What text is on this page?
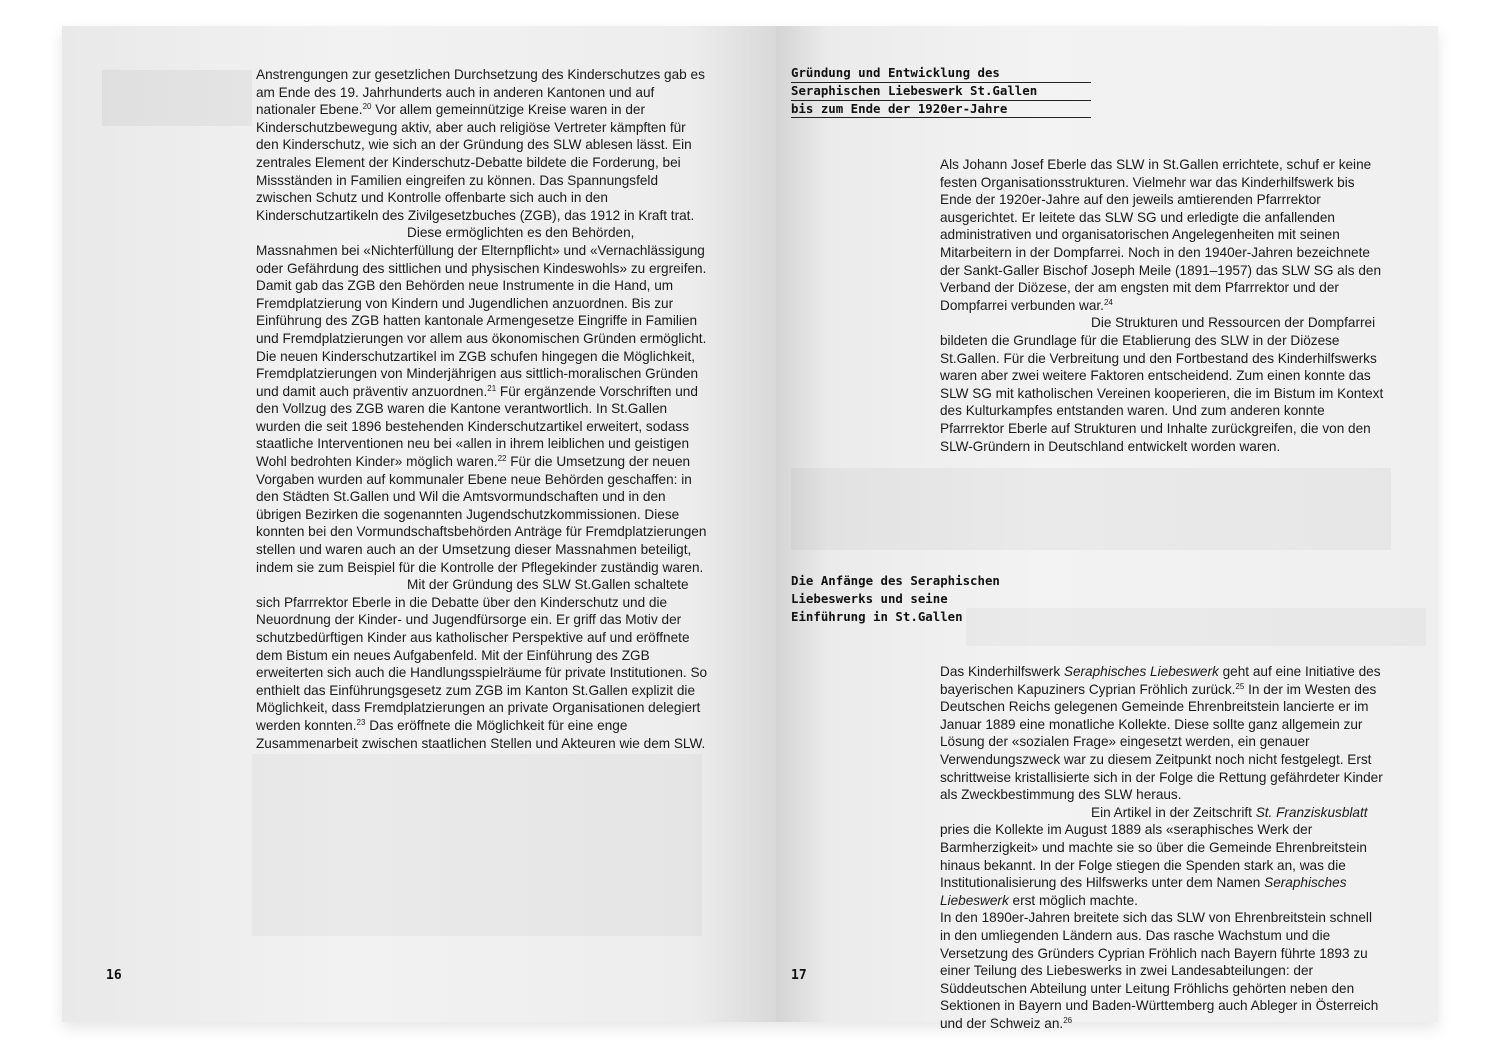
Anstrengungen zur gesetzlichen Durchsetzung des Kinderschutzes gab es am Ende des 19. Jahrhunderts auch in anderen Kantonen und auf nationaler Ebene.$^{20}$ Vor allem gemeinnützige Kreise waren in der Kinderschutzbewegung aktiv, aber auch religiöse Vertreter kämpften für den Kinderschutz, wie sich an der Gründung des SLW ablesen lässt. Ein zentrales Element der Kinderschutz-Debatte bildete die Forderung, bei Missständen in Familien eingreifen zu können. Das Spannungsfeld zwischen Schutz und Kontrolle offenbarte sich auch in den Kinderschutzartikeln des Zivilgesetzbuches (ZGB), das 1912 in Kraft trat.

Diese ermöglichten es den Behörden, Massnahmen bei «Nichterfüllung der Elternpflicht» und «Vernachlässigung oder Gefährdung des sittlichen und physischen Kindeswohls» zu ergreifen. Damit gab das ZGB den Behörden neue Instrumente in die Hand, um Fremdplatzierung von Kindern und Jugendlichen anzuordnen. Bis zur Einführung des ZGB hatten kantonale Armengesetze Eingriffe in Familien und Fremdplatzierungen vor allem aus ökonomischen Gründen ermöglicht. Die neuen Kinderschutzartikel im ZGB schufen hingegen die Möglichkeit, Fremdplatzierungen von Minderjährigen aus sittlich-moralischen Gründen und damit auch präventiv anzuordnen.$^{21}$ Für ergänzende Vorschriften und den Vollzug des ZGB waren die Kantone verantwortlich. In St.Gallen wurden die seit 1896 bestehenden Kinderschutzartikel erweitert, sodass staatliche Interventionen neu bei «allen in ihrem leiblichen und geistigen Wohl bedrohten Kinder» möglich waren.$^{22}$ Für die Umsetzung der neuen Vorgaben wurden auf kommunaler Ebene neue Behörden geschaffen: in den Städten St.Gallen und Wil die Amtsvormundschaften und in den übrigen Bezirken die sogenannten Jugendschutzkommissionen. Diese konnten bei den Vormundschaftsbehörden Anträge für Fremdplatzierungen stellen und waren auch an der Umsetzung dieser Massnahmen beteiligt, indem sie zum Beispiel für die Kontrolle der Pflegekinder zuständig waren.

Mit der Gründung des SLW St.Gallen schaltete sich Pfarrrektor Eberle in die Debatte über den Kinderschutz und die Neuordnung der Kinder- und Jugendfürsorge ein. Er griff das Motiv der schutzbedürftigen Kinder aus katholischer Perspektive auf und eröffnete dem Bistum ein neues Aufgabenfeld. Mit der Einführung des ZGB erweiterten sich auch die Handlungsspielräume für private Institutionen. So enthielt das Einführungsgesetz zum ZGB im Kanton St.Gallen explizit die Möglichkeit, dass Fremdplatzierungen an private Organisationen delegiert werden konnten.$^{23}$ Das eröffnete die Möglichkeit für eine enge Zusammenarbeit zwischen staatlichen Stellen und Akteuren wie dem SLW.

16
Gründung und Entwicklung des
Seraphischen Liebeswerk St.Gallen
bis zum Ende der 1920er-Jahre

Als Johann Josef Eberle das SLW in St.Gallen errichtete, schuf er keine festen Organisationsstrukturen. Vielmehr war das Kinderhilfswerk bis Ende der 1920er-Jahre auf den jeweils amtierenden Pfarrrektor ausgerichtet. Er leitete das SLW SG und erledigte die anfallenden administrativen und organisatorischen Angelegenheiten mit seinen Mitarbeitern in der Dompfarrei. Noch in den 1940er-Jahren bezeichnete der Sankt-Galler Bischof Joseph Meile (1891–1957) das SLW SG als den Verband der Diözese, der am engsten mit dem Pfarrrektor und der Dompfarrei verbunden war.$^{24}$

Die Strukturen und Ressourcen der Dompfarrei bildeten die Grundlage für die Etablierung des SLW in der Diözese St.Gallen. Für die Verbreitung und den Fortbestand des Kinderhilfswerks waren aber zwei weitere Faktoren entscheidend. Zum einen konnte das SLW SG mit katholischen Vereinen kooperieren, die im Bistum im Kontext des Kulturkampfes entstanden waren. Und zum anderen konnte Pfarrrektor Eberle auf Strukturen und Inhalte zurückgreifen, die von den SLW-Gründern in Deutschland entwickelt worden waren.

Die Anfänge des Seraphischen
Liebeswerks und seine
Einführung in St.Gallen

Das Kinderhilfswerk Seraphisches Liebeswerk geht auf eine Initiative des bayerischen Kapuziners Cyprian Fröhlich zurück.$^{25}$ In der im Westen des Deutschen Reichs gelegenen Gemeinde Ehrenbreitstein lancierte er im Januar 1889 eine monatliche Kollekte. Diese sollte ganz allgemein zur Lösung der «sozialen Frage» eingesetzt werden, ein genauer Verwendungszweck war zu diesem Zeitpunkt noch nicht festgelegt. Erst schrittweise kristallisierte sich in der Folge die Rettung gefährdeter Kinder als Zweckbestimmung des SLW heraus.

Ein Artikel in der Zeitschrift St. Franziskusblatt pries die Kollekte im August 1889 als «seraphisches Werk der Barmherzigkeit» und machte sie so über die Gemeinde Ehrenbreitstein hinaus bekannt. In der Folge stiegen die Spenden stark an, was die Institutionalisierung des Hilfswerks unter dem Namen Seraphisches Liebeswerk erst möglich machte.

In den 1890er-Jahren breitete sich das SLW von Ehrenbreitstein schnell in den umliegenden Ländern aus. Das rasche Wachstum und die Versetzung des Gründers Cyprian Fröhlich nach Bayern führte 1893 zu einer Teilung des Liebeswerks in zwei Landesabteilungen: der Süddeutschen Abteilung unter Leitung Fröhlichs gehörten neben den Sektionen in Bayern und Baden-Württemberg auch Ableger in Österreich und der Schweiz an.$^{26}$

17
